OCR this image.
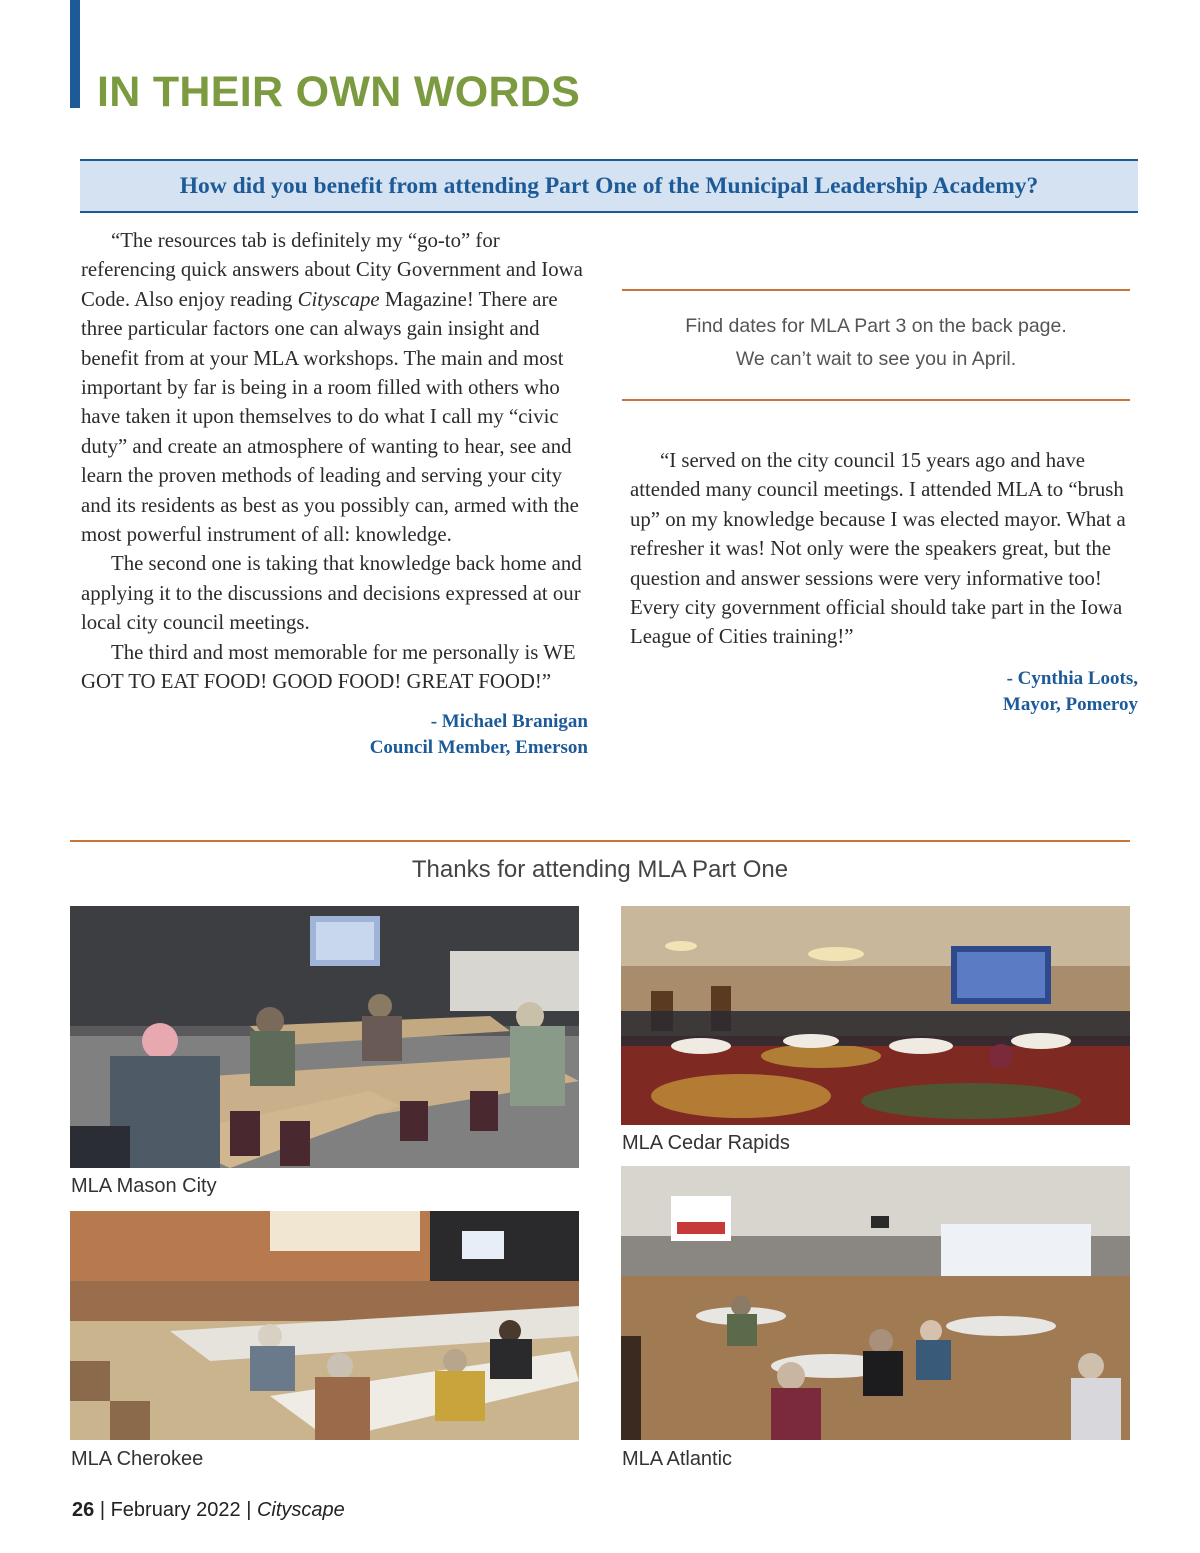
IN THEIR OWN WORDS
How did you benefit from attending Part One of the Municipal Leadership Academy?

“The resources tab is definitely my “go-to” for referencing quick answers about City Government and Iowa Code. Also enjoy reading Cityscape Magazine! There are three particular factors one can always gain insight and benefit from at your MLA workshops. The main and most important by far is being in a room filled with others who have taken it upon themselves to do what I call my “civic duty” and create an atmosphere of wanting to hear, see and learn the proven methods of leading and serving your city and its residents as best as you possibly can, armed with the most powerful instrument of all: knowledge.

The second one is taking that knowledge back home and applying it to the discussions and decisions expressed at our local city council meetings.

The third and most memorable for me personally is WE GOT TO EAT FOOD! GOOD FOOD! GREAT FOOD!”

- Michael Branigan
Council Member, Emerson
Find dates for MLA Part 3 on the back page.
We can’t wait to see you in April.
“I served on the city council 15 years ago and have attended many council meetings. I attended MLA to “brush up” on my knowledge because I was elected mayor. What a refresher it was! Not only were the speakers great, but the question and answer sessions were very informative too! Every city government official should take part in the Iowa League of Cities training!”
- Cynthia Loots,
Mayor, Pomeroy
Thanks for attending MLA Part One
MLA Mason City
MLA Cedar Rapids
MLA Cherokee	MLA Atlantic
26 | February 2022 | Cityscape
